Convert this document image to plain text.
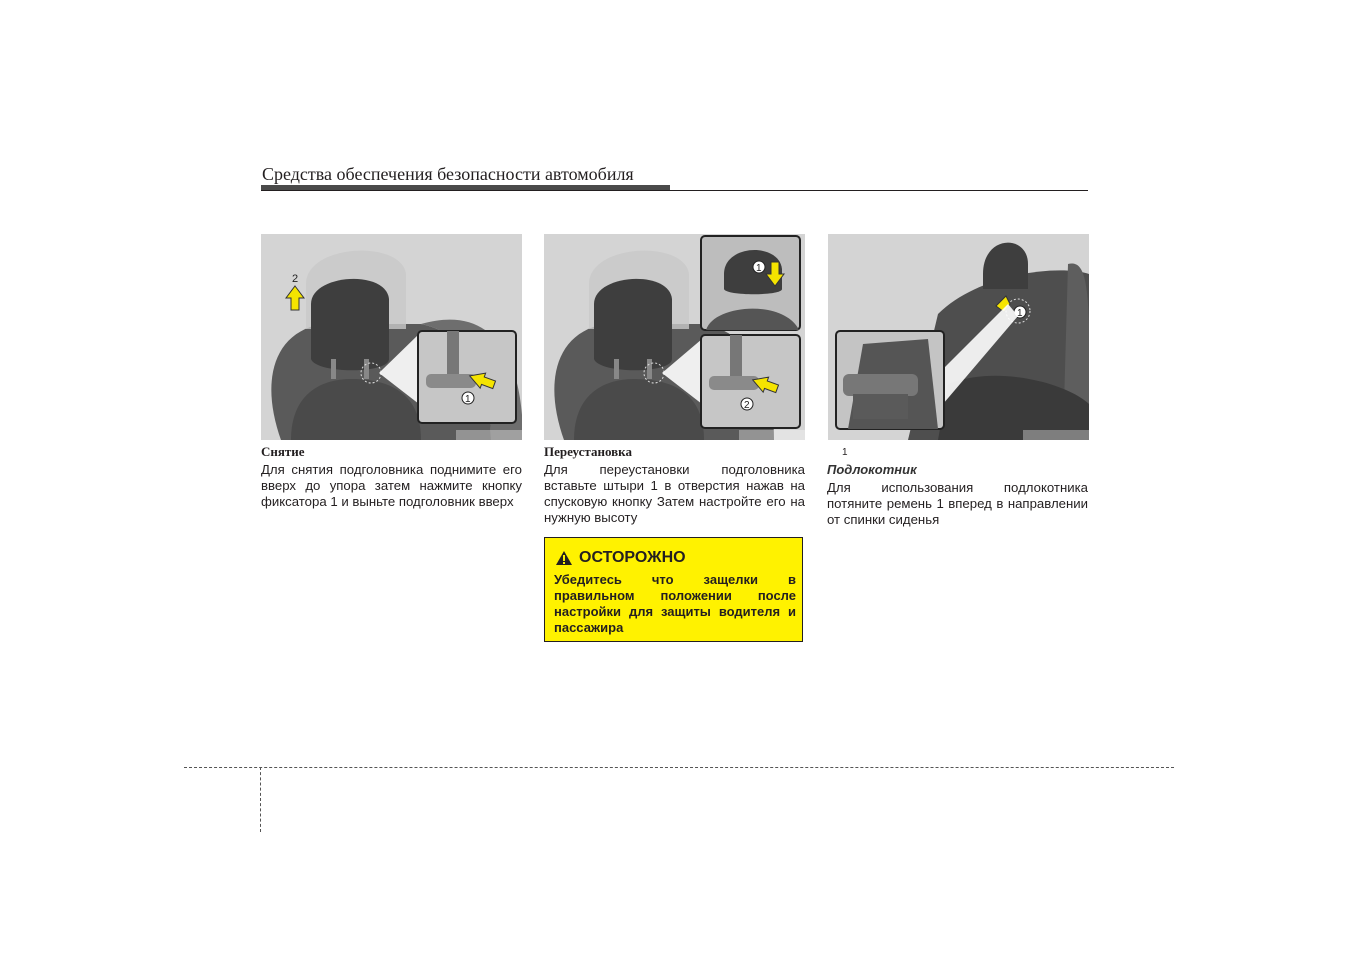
Средства обеспечения безопасности автомобиля
2
1
1
2
1
Снятие
Для снятия подголовника поднимите его вверх до упора затем нажмите кнопку фиксатора 1 и выньте подголовник вверх
Переустановка
Для переустановки подголовника вставьте штыри 1 в отверстия нажав на спусковую кнопку Затем настройте его на нужную высоту
ОСТОРОЖНО
Убедитесь что защелки в правильном положении после настройки для защиты водителя и пассажира
1
Подлокотник
Для использования подлокотника потяните ремень 1 вперед в направлении от спинки сиденья
